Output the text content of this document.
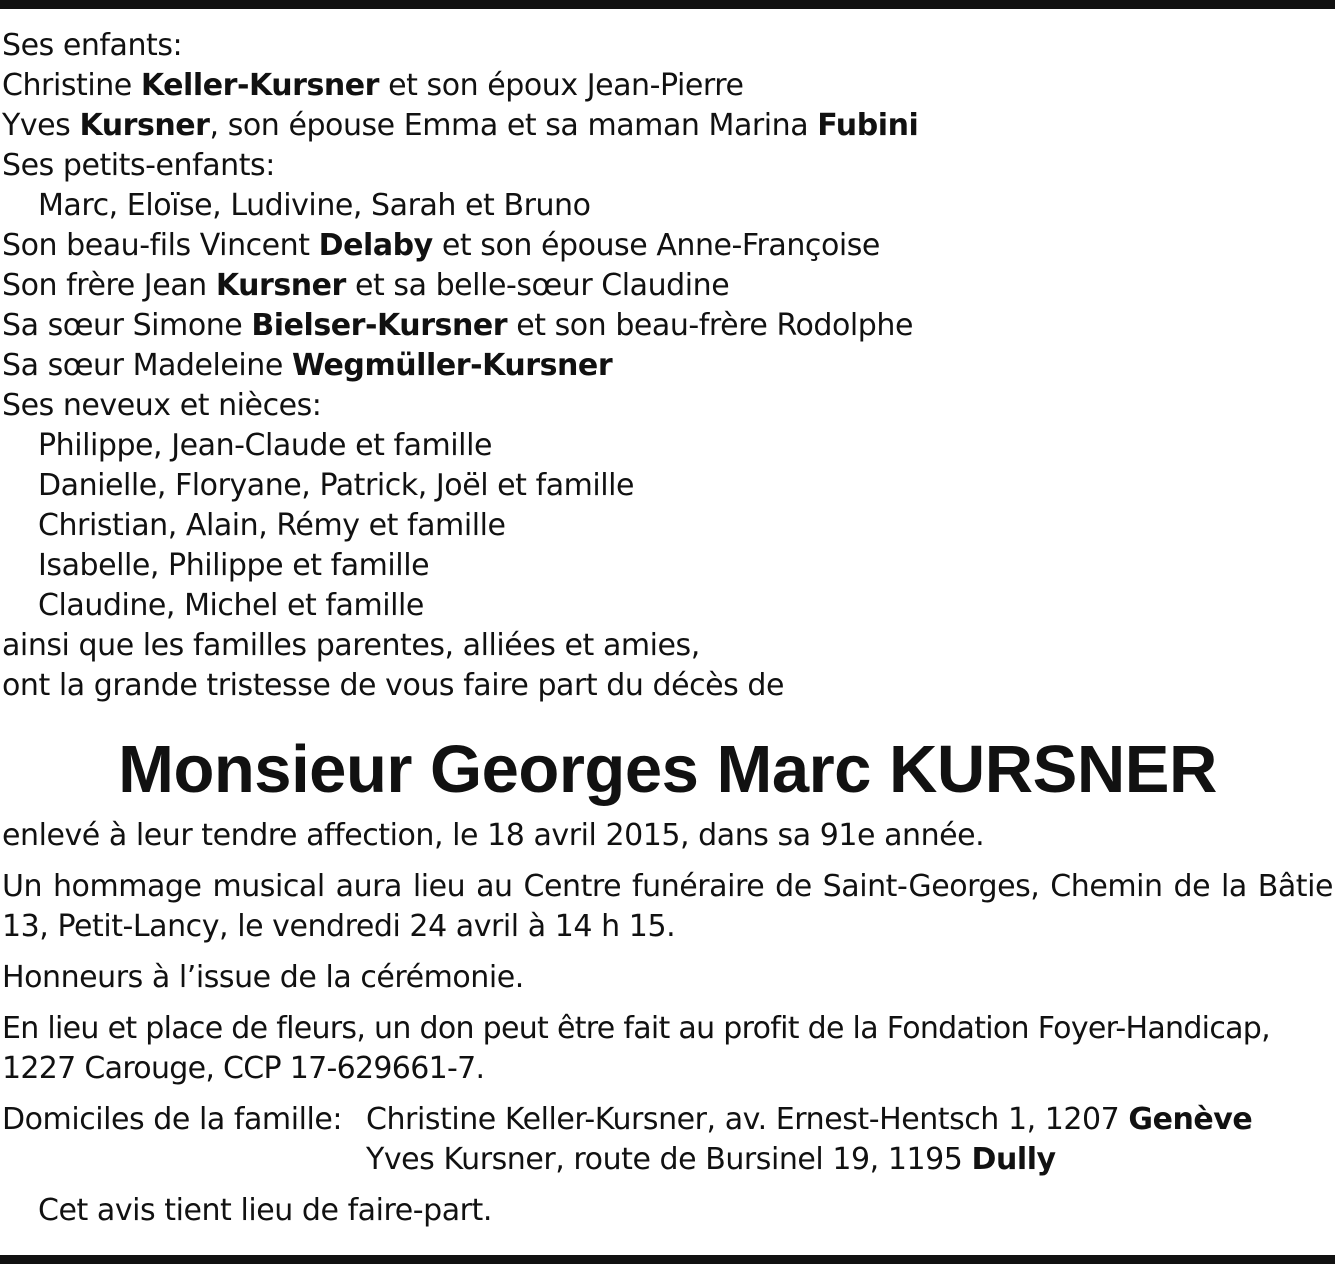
Ses enfants:
Christine Keller-Kursner et son époux Jean-Pierre
Yves Kursner, son épouse Emma et sa maman Marina Fubini
Ses petits-enfants:
Marc, Eloïse, Ludivine, Sarah et Bruno
Son beau-fils Vincent Delaby et son épouse Anne-Françoise
Son frère Jean Kursner et sa belle-sœur Claudine
Sa sœur Simone Bielser-Kursner et son beau-frère Rodolphe
Sa sœur Madeleine Wegmüller-Kursner
Ses neveux et nièces:
Philippe, Jean-Claude et famille
Danielle, Floryane, Patrick, Joël et famille
Christian, Alain, Rémy et famille
Isabelle, Philippe et famille
Claudine, Michel et famille
ainsi que les familles parentes, alliées et amies,
ont la grande tristesse de vous faire part du décès de
Monsieur Georges Marc KURSNER
enlevé à leur tendre affection, le 18 avril 2015, dans sa 91e année.
Un hommage musical aura lieu au Centre funéraire de Saint-Georges, Chemin de la Bâtie 13, Petit-Lancy, le vendredi 24 avril à 14 h 15.
Honneurs à l’issue de la cérémonie.
En lieu et place de fleurs, un don peut être fait au profit de la Fondation Foyer-Handicap, 1227 Carouge, CCP 17-629661-7.
Domiciles de la famille: Christine Keller-Kursner, av. Ernest-Hentsch 1, 1207 Genève
Yves Kursner, route de Bursinel 19, 1195 Dully
Cet avis tient lieu de faire-part.
